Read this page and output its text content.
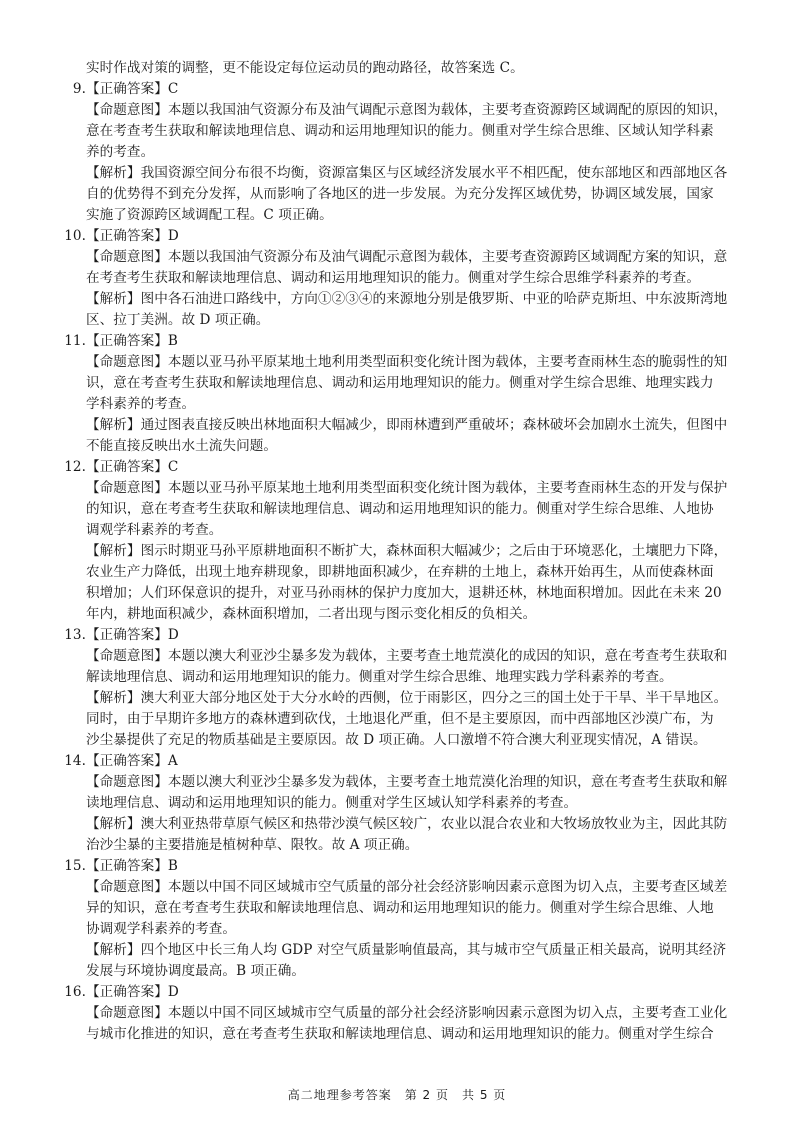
实时作战对策的调整，更不能设定每位运动员的跑动路径，故答案选 C。
9.【正确答案】C
【命题意图】本题以我国油气资源分布及油气调配示意图为载体，主要考查资源跨区域调配的原因的知识，
意在考查考生获取和解读地理信息、调动和运用地理知识的能力。侧重对学生综合思维、区域认知学科素
养的考查。
【解析】我国资源空间分布很不均衡，资源富集区与区域经济发展水平不相匹配，使东部地区和西部地区各
自的优势得不到充分发挥，从而影响了各地区的进一步发展。为充分发挥区域优势，协调区域发展，国家
实施了资源跨区域调配工程。C 项正确。
10.【正确答案】D
【命题意图】本题以我国油气资源分布及油气调配示意图为载体，主要考查资源跨区域调配方案的知识，意
在考查考生获取和解读地理信息、调动和运用地理知识的能力。侧重对学生综合思维学科素养的考查。
【解析】图中各石油进口路线中，方向①②③④的来源地分别是俄罗斯、中亚的哈萨克斯坦、中东波斯湾地
区、拉丁美洲。故 D 项正确。
11.【正确答案】B
【命题意图】本题以亚马孙平原某地土地利用类型面积变化统计图为载体，主要考查雨林生态的脆弱性的知
识，意在考查考生获取和解读地理信息、调动和运用地理知识的能力。侧重对学生综合思维、地理实践力
学科素养的考查。
【解析】通过图表直接反映出林地面积大幅减少，即雨林遭到严重破坏；森林破坏会加剧水土流失，但图中
不能直接反映出水土流失问题。
12.【正确答案】C
【命题意图】本题以亚马孙平原某地土地利用类型面积变化统计图为载体，主要考查雨林生态的开发与保护
的知识，意在考查考生获取和解读地理信息、调动和运用地理知识的能力。侧重对学生综合思维、人地协
调观学科素养的考查。
【解析】图示时期亚马孙平原耕地面积不断扩大，森林面积大幅减少；之后由于环境恶化，土壤肥力下降，
农业生产力降低，出现土地弃耕现象，即耕地面积减少，在弃耕的土地上，森林开始再生，从而使森林面
积增加；人们环保意识的提升，对亚马孙雨林的保护力度加大，退耕还林，林地面积增加。因此在未来 20
年内，耕地面积减少，森林面积增加，二者出现与图示变化相反的负相关。
13.【正确答案】D
【命题意图】本题以澳大利亚沙尘暴多发为载体，主要考查土地荒漠化的成因的知识，意在考查考生获取和
解读地理信息、调动和运用地理知识的能力。侧重对学生综合思维、地理实践力学科素养的考查。
【解析】澳大利亚大部分地区处于大分水岭的西侧，位于雨影区，四分之三的国土处于干旱、半干旱地区。
同时，由于早期许多地方的森林遭到砍伐，土地退化严重，但不是主要原因，而中西部地区沙漠广布，为
沙尘暴提供了充足的物质基础是主要原因。故 D 项正确。人口激增不符合澳大利亚现实情况，A 错误。
14.【正确答案】A
【命题意图】本题以澳大利亚沙尘暴多发为载体，主要考查土地荒漠化治理的知识，意在考查考生获取和解
读地理信息、调动和运用地理知识的能力。侧重对学生区域认知学科素养的考查。
【解析】澳大利亚热带草原气候区和热带沙漠气候区较广，农业以混合农业和大牧场放牧业为主，因此其防
治沙尘暴的主要措施是植树种草、限牧。故 A 项正确。
15.【正确答案】B
【命题意图】本题以中国不同区域城市空气质量的部分社会经济影响因素示意图为切入点，主要考查区域差
异的知识，意在考查考生获取和解读地理信息、调动和运用地理知识的能力。侧重对学生综合思维、人地
协调观学科素养的考查。
【解析】四个地区中长三角人均 GDP 对空气质量影响值最高，其与城市空气质量正相关最高，说明其经济
发展与环境协调度最高。B 项正确。
16.【正确答案】D
【命题意图】本题以中国不同区域城市空气质量的部分社会经济影响因素示意图为切入点，主要考查工业化
与城市化推进的知识，意在考查考生获取和解读地理信息、调动和运用地理知识的能力。侧重对学生综合
高二地理参考答案　第 2 页　共 5 页
